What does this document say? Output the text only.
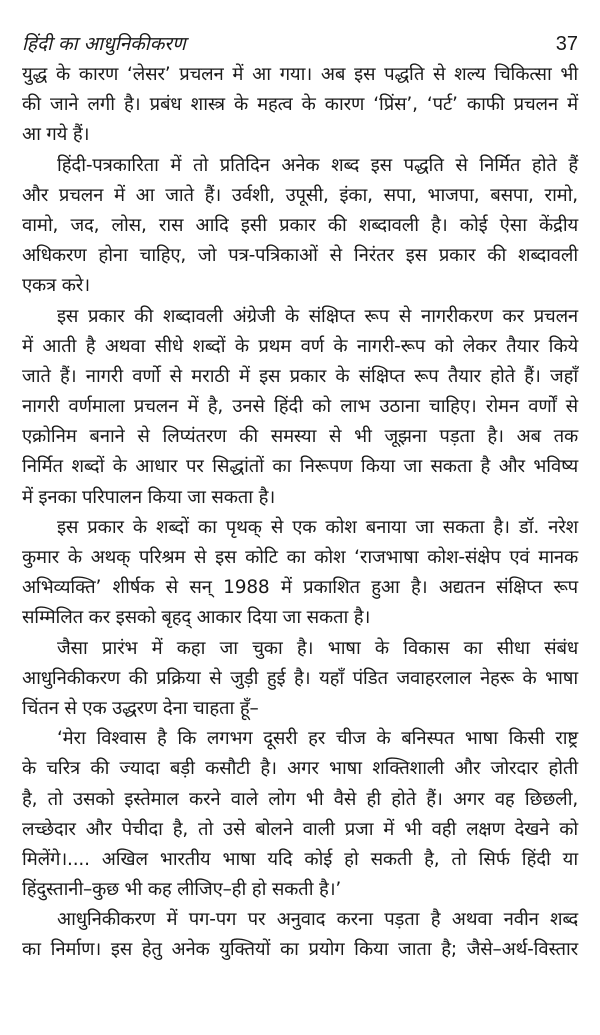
हिंदी का आधुनिकीकरण	37
युद्ध के कारण ‘लेसर’ प्रचलन में आ गया। अब इस पद्धति से शल्य चिकित्सा भी
की जाने लगी है। प्रबंध शास्त्र के महत्व के कारण ‘प्रिंस’, ‘पर्ट’ काफी प्रचलन में
आ गये हैं।
हिंदी-पत्रकारिता में तो प्रतिदिन अनेक शब्द इस पद्धति से निर्मित होते हैं
और प्रचलन में आ जाते हैं। उर्वशी, उपूसी, इंका, सपा, भाजपा, बसपा, रामो,
वामो, जद, लोस, रास आदि इसी प्रकार की शब्दावली है। कोई ऐसा केंद्रीय
अधिकरण होना चाहिए, जो पत्र-पत्रिकाओं से निरंतर इस प्रकार की शब्दावली
एकत्र करे।
इस प्रकार की शब्दावली अंग्रेजी के संक्षिप्त रूप से नागरीकरण कर प्रचलन
में आती है अथवा सीधे शब्दों के प्रथम वर्ण के नागरी-रूप को लेकर तैयार किये
जाते हैं। नागरी वर्णो से मराठी में इस प्रकार के संक्षिप्त रूप तैयार होते हैं। जहाँ
नागरी वर्णमाला प्रचलन में है, उनसे हिंदी को लाभ उठाना चाहिए। रोमन वर्णों से
एक्रोनिम बनाने से लिप्यंतरण की समस्या से भी जूझना पड़ता है। अब तक
निर्मित शब्दों के आधार पर सिद्धांतों का निरूपण किया जा सकता है और भविष्य
में इनका परिपालन किया जा सकता है।
इस प्रकार के शब्दों का पृथक् से एक कोश बनाया जा सकता है। डॉ. नरेश
कुमार के अथक् परिश्रम से इस कोटि का कोश ‘राजभाषा कोश-संक्षेप एवं मानक
अभिव्यक्ति’ शीर्षक से सन् 1988 में प्रकाशित हुआ है। अद्यतन संक्षिप्त रूप
सम्मिलित कर इसको बृहद् आकार दिया जा सकता है।
जैसा प्रारंभ में कहा जा चुका है। भाषा के विकास का सीधा संबंध
आधुनिकीकरण की प्रक्रिया से जुड़ी हुई है। यहाँ पंडित जवाहरलाल नेहरू के भाषा
चिंतन से एक उद्धरण देना चाहता हूँ–
‘मेरा विश्वास है कि लगभग दूसरी हर चीज के बनिस्पत भाषा किसी राष्ट्र
के चरित्र की ज्यादा बड़ी कसौटी है। अगर भाषा शक्तिशाली और जोरदार होती
है, तो उसको इस्तेमाल करने वाले लोग भी वैसे ही होते हैं। अगर वह छिछली,
लच्छेदार और पेचीदा है, तो उसे बोलने वाली प्रजा में भी वही लक्षण देखने को
मिलेंगे।.... अखिल भारतीय भाषा यदि कोई हो सकती है, तो सिर्फ हिंदी या
हिंदुस्तानी–कुछ भी कह लीजिए–ही हो सकती है।’
आधुनिकीकरण में पग-पग पर अनुवाद करना पड़ता है अथवा नवीन शब्द
का निर्माण। इस हेतु अनेक युक्तियों का प्रयोग किया जाता है; जैसे–अर्थ-विस्तार
